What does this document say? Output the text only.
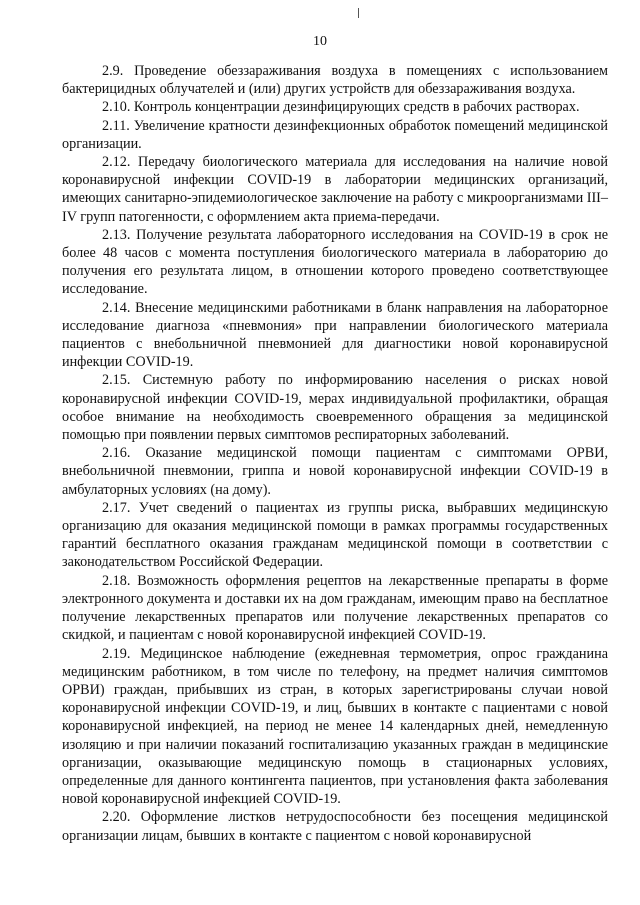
10

2.9. Проведение обеззараживания воздуха в помещениях с использованием бактерицидных облучателей и (или) других устройств для обеззараживания воздуха.

2.10. Контроль концентрации дезинфицирующих средств в рабочих растворах.

2.11. Увеличение кратности дезинфекционных обработок помещений медицинской организации.

2.12. Передачу биологического материала для исследования на наличие новой коронавирусной инфекции COVID-19 в лаборатории медицинских организаций, имеющих санитарно-эпидемиологическое заключение на работу с микроорганизмами III–IV групп патогенности, с оформлением акта приема-передачи.

2.13. Получение результата лабораторного исследования на COVID-19 в срок не более 48 часов с момента поступления биологического материала в лабораторию до получения его результата лицом, в отношении которого проведено соответствующее исследование.

2.14. Внесение медицинскими работниками в бланк направления на лабораторное исследование диагноза «пневмония» при направлении биологического материала пациентов с внебольничной пневмонией для диагностики новой коронавирусной инфекции COVID-19.

2.15. Системную работу по информированию населения о рисках новой коронавирусной инфекции COVID-19, мерах индивидуальной профилактики, обращая особое внимание на необходимость своевременного обращения за медицинской помощью при появлении первых симптомов респираторных заболеваний.

2.16. Оказание медицинской помощи пациентам с симптомами ОРВИ, внебольничной пневмонии, гриппа и новой коронавирусной инфекции COVID-19 в амбулаторных условиях (на дому).

2.17. Учет сведений о пациентах из группы риска, выбравших медицинскую организацию для оказания медицинской помощи в рамках программы государственных гарантий бесплатного оказания гражданам медицинской помощи в соответствии с законодательством Российской Федерации.

2.18. Возможность оформления рецептов на лекарственные препараты в форме электронного документа и доставки их на дом гражданам, имеющим право на бесплатное получение лекарственных препаратов или получение лекарственных препаратов со скидкой, и пациентам с новой коронавирусной инфекцией COVID-19.

2.19. Медицинское наблюдение (ежедневная термометрия, опрос гражданина медицинским работником, в том числе по телефону, на предмет наличия симптомов ОРВИ) граждан, прибывших из стран, в которых зарегистрированы случаи новой коронавирусной инфекции COVID-19, и лиц, бывших в контакте с пациентами с новой коронавирусной инфекцией, на период не менее 14 календарных дней, немедленную изоляцию и при наличии показаний госпитализацию указанных граждан в медицинские организации, оказывающие медицинскую помощь в стационарных условиях, определенные для данного контингента пациентов, при установления факта заболевания новой коронавирусной инфекцией COVID-19.

2.20. Оформление листков нетрудоспособности без посещения медицинской организации лицам, бывших в контакте с пациентом с новой коронавирусной
